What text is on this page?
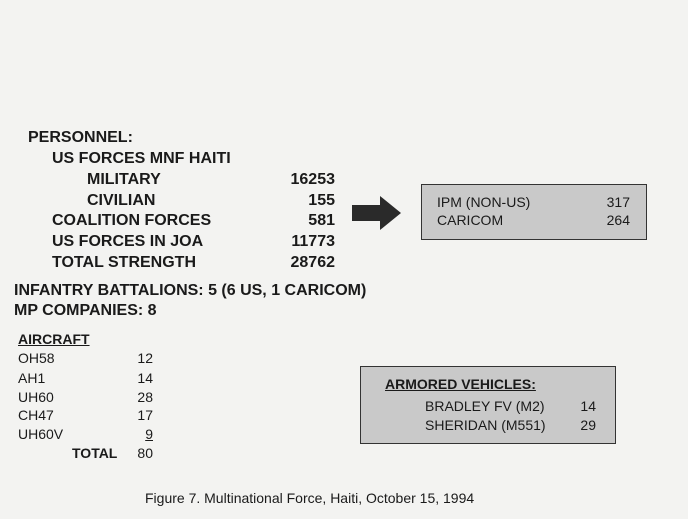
PERSONNEL:
US FORCES MNF HAITI
MILITARY	16253
CIVILIAN	155
COALITION FORCES	581
US FORCES IN JOA	11773
TOTAL STRENGTH	28762
IPM (NON-US)	317
CARICOM	264
INFANTRY BATTALIONS: 5 (6 US, 1 CARICOM)
MP COMPANIES: 8
AIRCRAFT
OH58	12
AH1	14
UH60	28
CH47	17
UH60V	9
TOTAL	80
ARMORED VEHICLES:
BRADLEY FV (M2)	14
SHERIDAN (M551)	29
Figure 7. Multinational Force, Haiti, October 15, 1994
